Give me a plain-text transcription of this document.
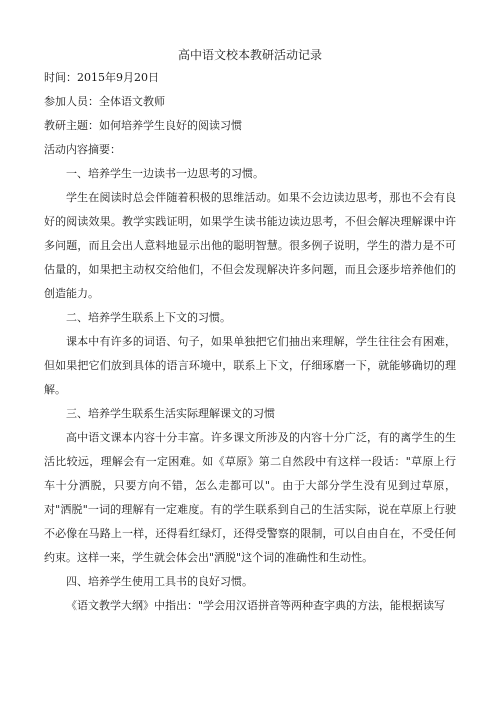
高中语文校本教研活动记录
时间：2015年9月20日
参加人员：全体语文教师
教研主题：如何培养学生良好的阅读习惯
活动内容摘要：
一、培养学生一边读书一边思考的习惯。
学生在阅读时总会伴随着积极的思维活动。如果不会边读边思考，那也不会有良好的阅读效果。教学实践证明，如果学生读书能边读边思考，不但会解决理解课中许多问题，而且会出人意料地显示出他的聪明智慧。很多例子说明，学生的潜力是不可估量的，如果把主动权交给他们，不但会发现解决许多问题，而且会逐步培养他们的创造能力。
二、培养学生联系上下文的习惯。
课本中有许多的词语、句子，如果单独把它们抽出来理解，学生往往会有困难，但如果把它们放到具体的语言环境中，联系上下文，仔细琢磨一下，就能够确切的理解。
三、培养学生联系生活实际理解课文的习惯
高中语文课本内容十分丰富。许多课文所涉及的内容十分广泛，有的离学生的生活比较远，理解会有一定困难。如《草原》第二自然段中有这样一段话："草原上行车十分洒脱，只要方向不错，怎么走都可以"。由于大部分学生没有见到过草原，对"洒脱"一词的理解有一定难度。有的学生联系到自己的生活实际，说在草原上行驶不必像在马路上一样，还得看红绿灯，还得受警察的限制，可以自由自在，不受任何约束。这样一来，学生就会体会出"洒脱"这个词的准确性和生动性。
四、培养学生使用工具书的良好习惯。
《语文教学大纲》中指出："学会用汉语拼音等两种查字典的方法，能根据读写
